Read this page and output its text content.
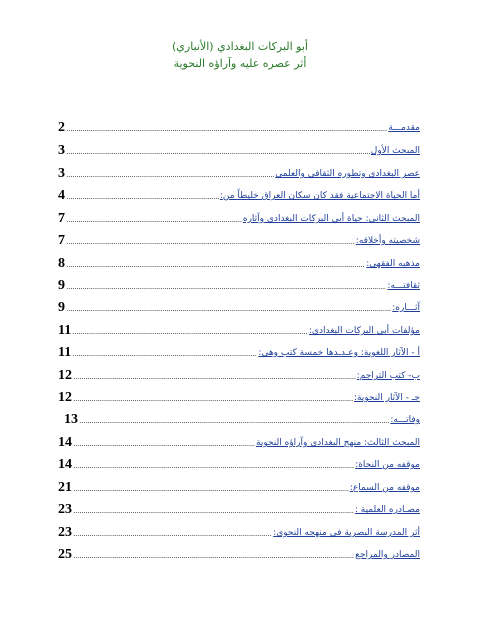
أبو البركات البغدادي (الأنباري)
أثر عصره عليه وآراؤه النحوية
2 .....	مقدمـــة
3 .....	المبحث الأول
3 .....	عصر البغدادي وتطوره الثقافي والعلمي
4 .....	أما الحياة الاجتماعية فقد كان سكان العراق خليطاً من:
7 .....	المبحث الثاني: حياة أبي البركات البغدادي وآثاره
7 .....	شخصيته وأخلاقه:
8 .....	مذهبه الفقهي:
9 .....	ثقافتـــه:
9 .....	آثـــاره:
11 .....	مؤلفات أبي البركات البغدادي:
11 .....	أ - الآثار اللغوية: وعـدـدها خمسة كتب وهي:
12 .....	ب- كتب التراجم:
12 .....	جـ - الآثار النحوية:
13 .....	وفاتـــه:
14 .....	المبحث الثالث: منهج البغدادي وآراؤه النحوية
14 .....	موقفه من النحاة:
21 .....	موقفه من السماع:
23 .....	مصـادره العلمية :
23 .....	أثر المدرسة البصرية في منهجه النحوي:
25 .....	المصادر والمراجع
